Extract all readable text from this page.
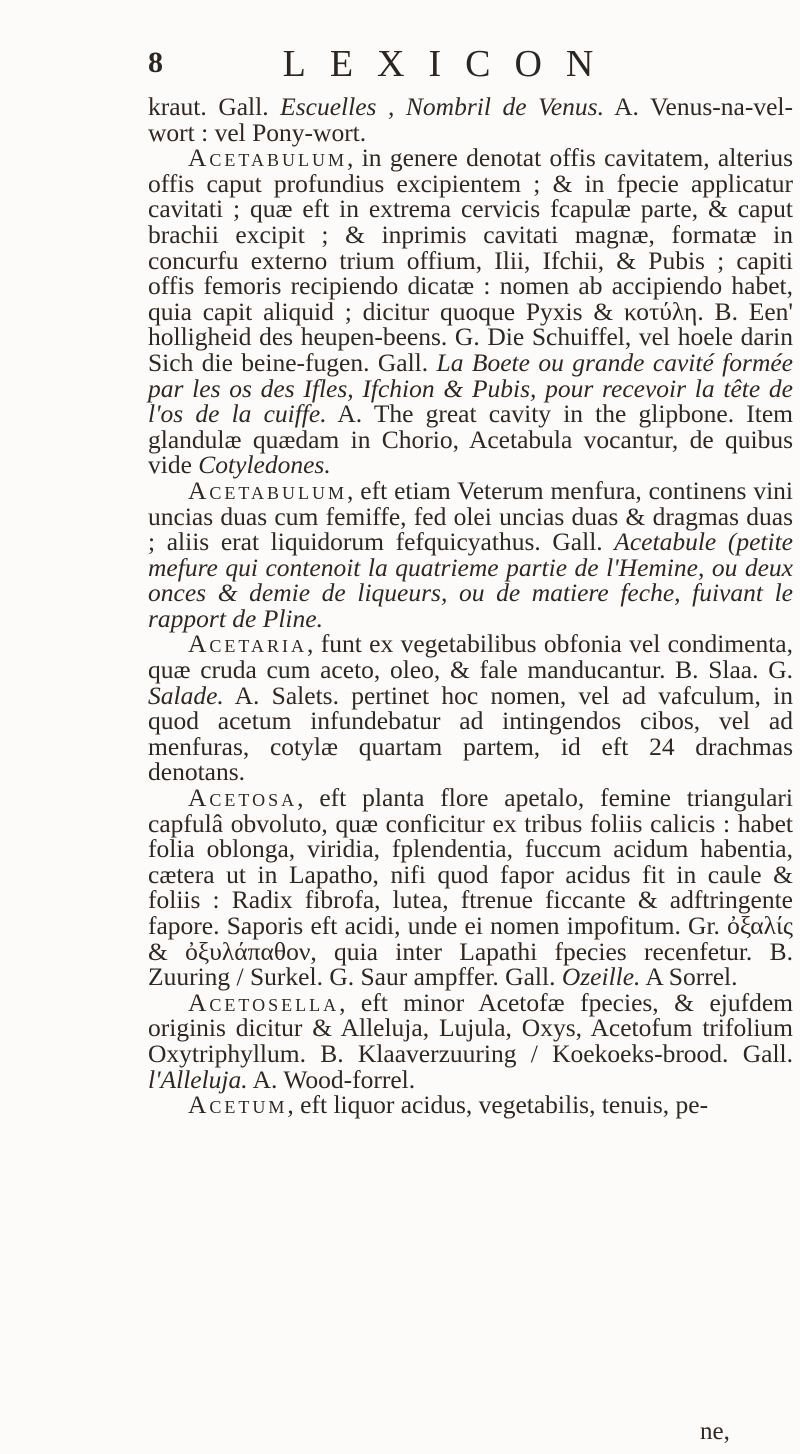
8	LEXICON

kraut. Gall. Escuelles , Nombril de Venus. A. Venus-na-vel-wort : vel Pony-wort.

Acetabulum, in genere denotat offis cavitatem, alterius offis caput profundius excipientem ; & in fpecie applicatur cavitati ; quæ eft in extrema cervicis fcapulæ parte, & caput brachii excipit ; & inprimis cavitati magnæ, formatæ in concurfu externo trium offium, Ilii, Ifchii, & Pubis ; capiti offis femoris recipiendo dicatæ : nomen ab accipiendo habet, quia capit aliquid ; dicitur quoque Pyxis & κοτύλη. B. Een' holligheid des heupen-beens. G. Die Schuiffel, vel hoele darin Sich die beine-fugen. Gall. La Boete ou grande cavité formée par les os des Ifles, Ifchion & Pubis, pour recevoir la tête de l'os de la cuiffe. A. The great cavity in the glipbone. Item glandulæ quædam in Chorio, Acetabula vocantur, de quibus vide Cotyledones.

Acetabulum, eft etiam Veterum menfura, continens vini uncias duas cum femiffe, fed olei uncias duas & dragmas duas ; aliis erat liquidorum fefquicyathus. Gall. Acetabule (petite mefure qui contenoit la quatrieme partie de l'Hemine, ou deux onces & demie de liqueurs, ou de matiere feche, fuivant le rapport de Pline.

Acetaria, funt ex vegetabilibus obfonia vel condimenta, quæ cruda cum aceto, oleo, & fale manducantur. B. Slaa. G. Salade. A. Salets. pertinet hoc nomen, vel ad vafculum, in quod acetum infundebatur ad intingendos cibos, vel ad menfuras, cotylæ quartam partem, id eft 24 drachmas denotans.

Acetosa, eft planta flore apetalo, femine triangulari capfulâ obvoluto, quæ conficitur ex tribus foliis calicis : habet folia oblonga, viridia, fplendentia, fuccum acidum habentia, cætera ut in Lapatho, nifi quod fapor acidus fit in caule & foliis : Radix fibrofa, lutea, ftrenue ficcante & adftringente fapore. Saporis eft acidi, unde ei nomen impofitum. Gr. ὀξαλίς & ὀξυλάπαθον, quia inter Lapathi fpecies recenfetur. B. Zuuring / Surkel. G. Saur ampffer. Gall. Ozeille. A Sorrel.

Acetosella, eft minor Acetofæ fpecies, & ejufdem originis dicitur & Alleluja, Lujula, Oxys, Acetofum trifolium Oxytriphyllum. B. Klaaverzuuring / Koekoeks-brood. Gall. l'Alleluja. A. Wood-forrel.

Acetum, eft liquor acidus, vegetabilis, tenuis, pe-

ne,
